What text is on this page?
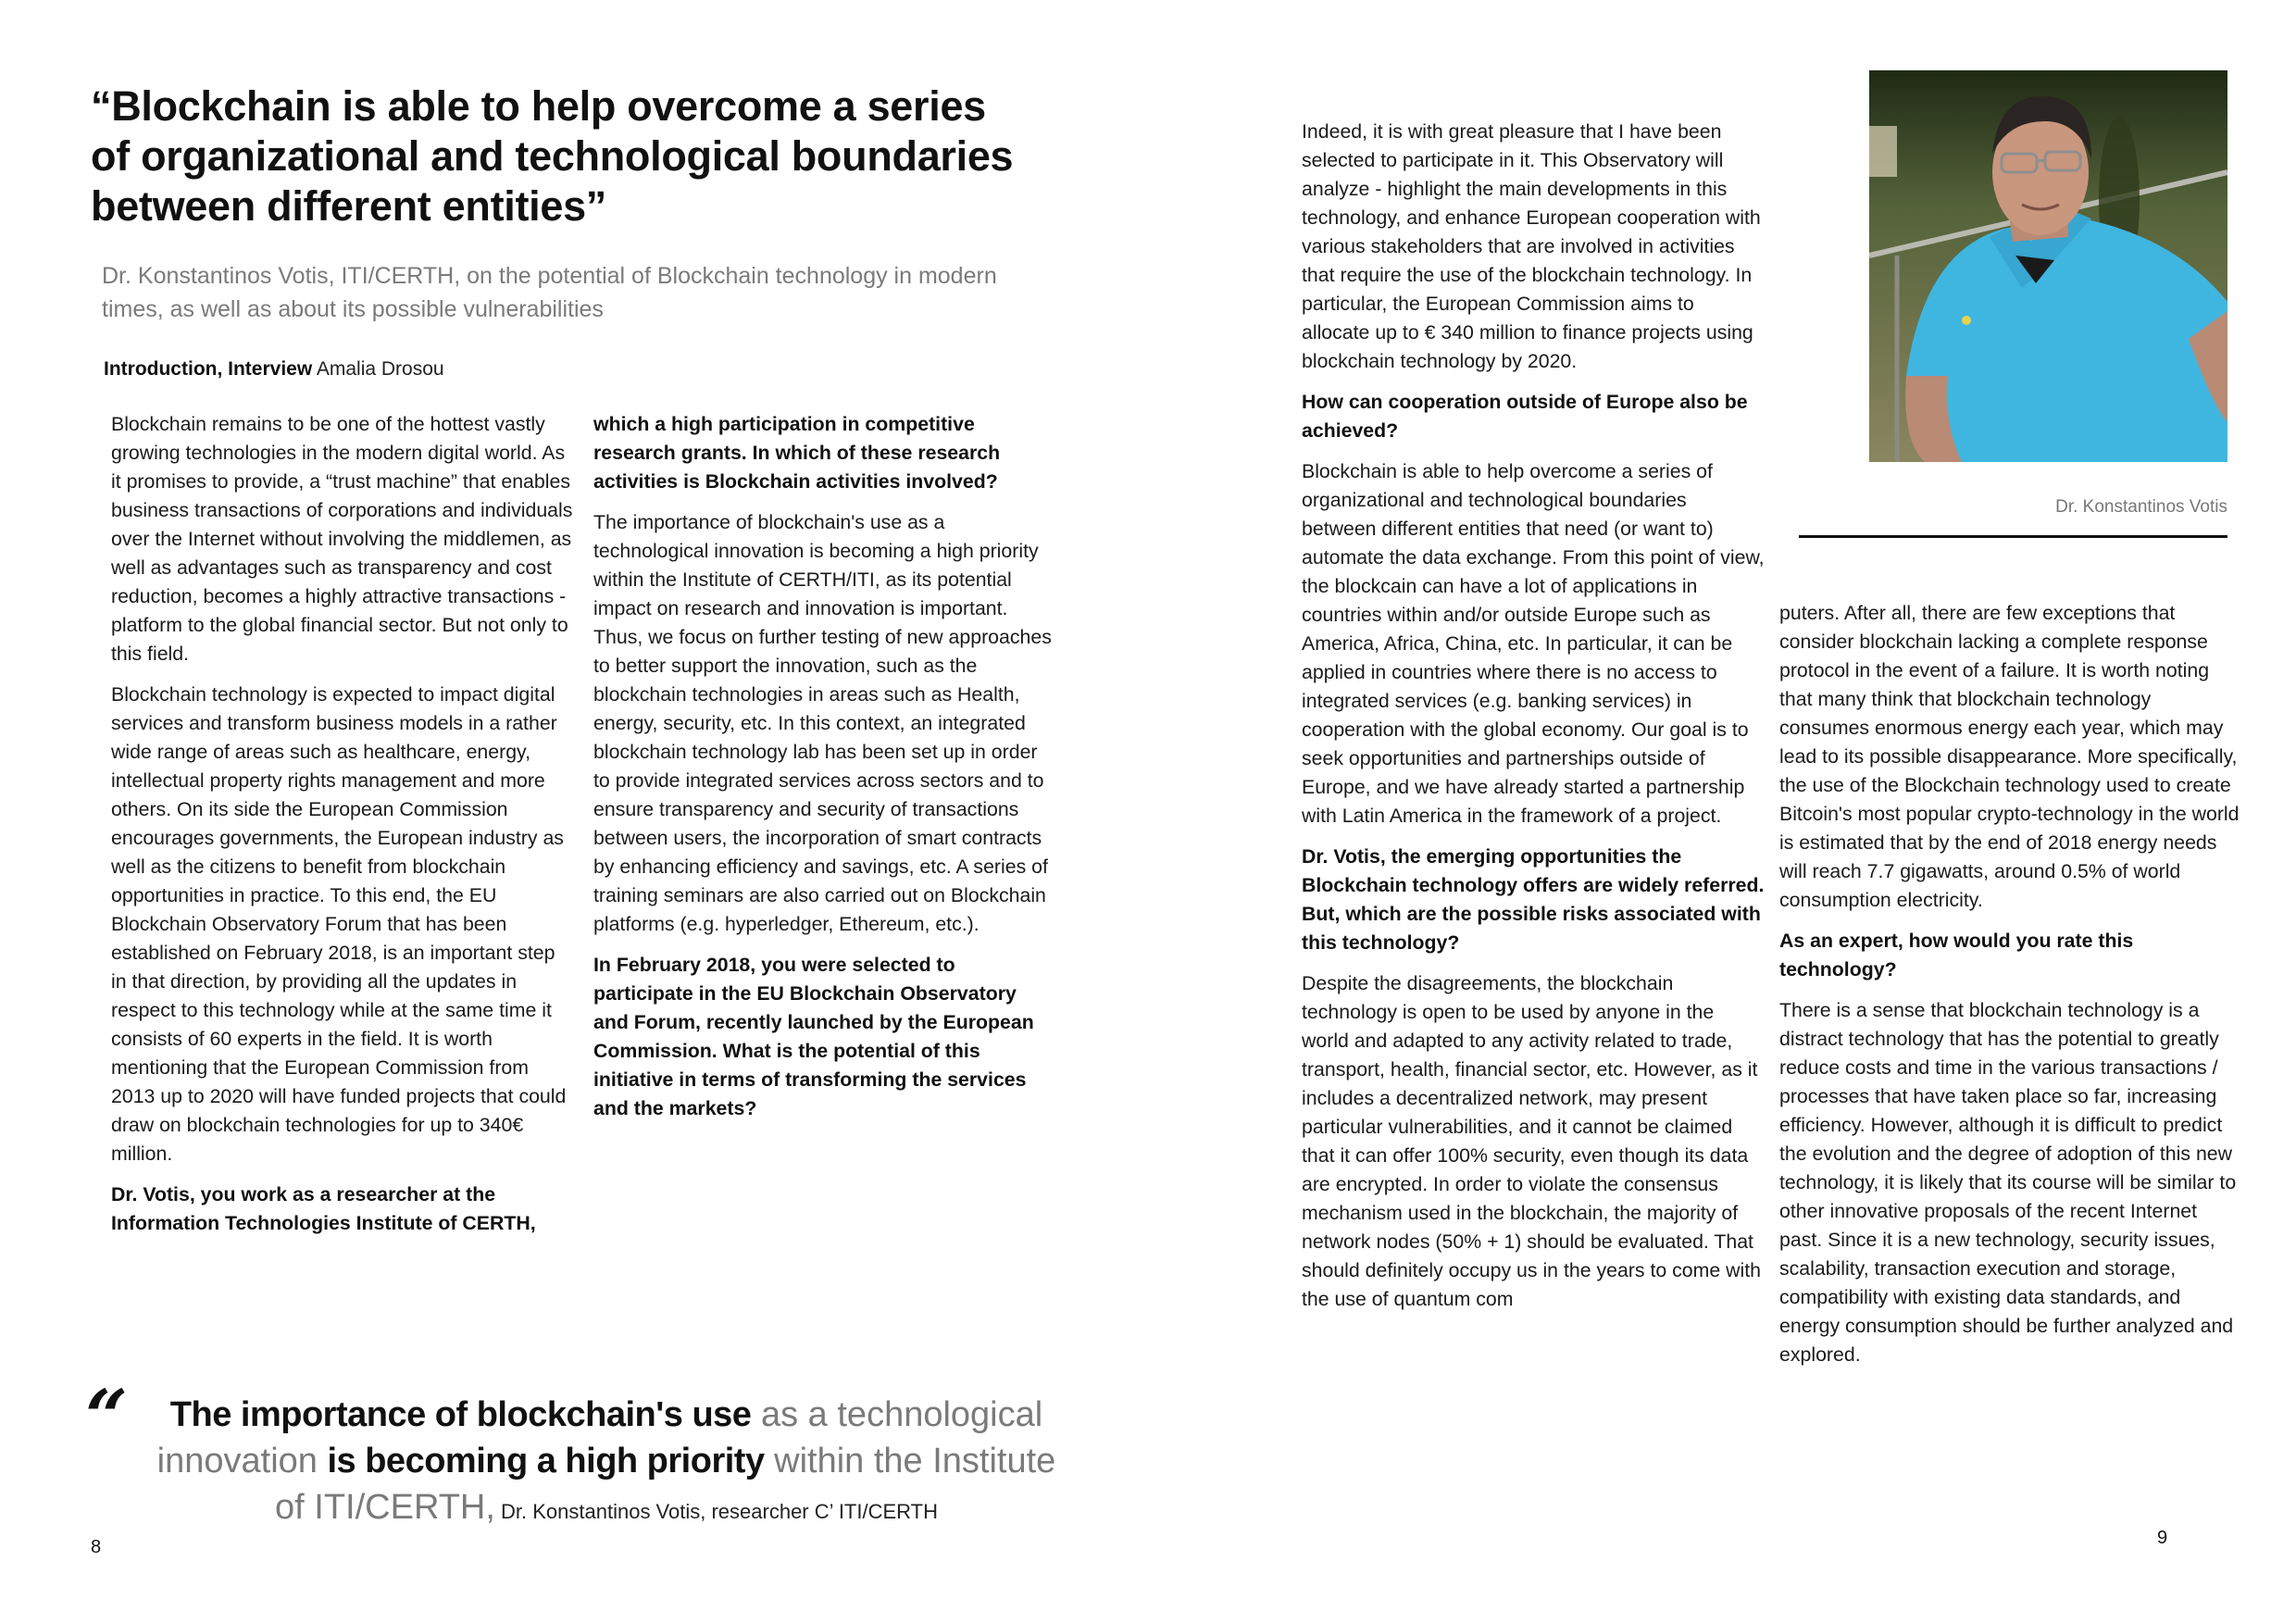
“Blockchain is able to help overcome a series
of organizational and technological boundaries
between different entities”

Dr. Konstantinos Votis, ITI/CERTH, on the potential of Blockchain technology in modern times, as well as about its possible vulnerabilities

Introduction, Interview Amalia Drosou

Blockchain remains to be one of the hottest vastly growing technologies in the modern digital world. As it promises to provide, a “trust machine” that enables business transactions of corporations and individuals over the Internet without involving the middlemen, as well as advantages such as transparency and cost reduction, becomes a highly attractive transactions - platform to the global financial sector. But not only to this field.

Blockchain technology is expected to impact digital services and transform business models in a rather wide range of areas such as healthcare, energy, intellectual property rights management and more others. On its side the European Commission encourages governments, the European industry as well as the citizens to benefit from blockchain opportunities in practice. To this end, the EU Blockchain Observatory Forum that has been established on February 2018, is an important step in that direction, by providing all the updates in respect to this technology while at the same time it consists of 60 experts in the field. It is worth mentioning that the European Commission from 2013 up to 2020 will have funded projects that could draw on blockchain technologies for up to 340€ million.

Dr. Votis, you work as a researcher at the Information Technologies Institute of CERTH,

which a high participation in competitive research grants. In which of these research activities is Blockchain activities involved?

The importance of blockchain's use as a technological innovation is becoming a high priority within the Institute of CERTH/ITI, as its potential impact on research and innovation is important. Thus, we focus on further testing of new approaches to better support the innovation, such as the blockchain technologies in areas such as Health, energy, security, etc. In this context, an integrated blockchain technology lab has been set up in order to provide integrated services across sectors and to ensure transparency and security of transactions between users, the incorporation of smart contracts by enhancing efficiency and savings, etc. A series of training seminars are also carried out on Blockchain platforms (e.g. hyperledger, Ethereum, etc.).

In February 2018, you were selected to participate in the EU Blockchain Observatory and Forum, recently launched by the European Commission. What is the potential of this initiative in terms of transforming the services and the markets?

“	The importance of blockchain's use as a technological innovation is becoming a high priority within the Institute of ITI/CERTH, Dr. Konstantinos Votis, researcher C’ ITI/CERTH
8

Indeed, it is with great pleasure that I have been selected to participate in it. This Observatory will analyze - highlight the main developments in this technology, and enhance European cooperation with various stakeholders that are involved in activities that require the use of the blockchain technology. In particular, the European Commission aims to allocate up to € 340 million to finance projects using blockchain technology by 2020.

How can cooperation outside of Europe also be achieved?

Blockchain is able to help overcome a series of organizational and technological boundaries between different entities that need (or want to) automate the data exchange. From this point of view, the blockcain can have a lot of applications in countries within and/or outside Europe such as America, Africa, China, etc. In particular, it can be applied in countries where there is no access to integrated services (e.g. banking services) in cooperation with the global economy. Our goal is to seek opportunities and partnerships outside of Europe, and we have already started a partnership with Latin America in the framework of a project.

Dr. Votis, the emerging opportunities the Blockchain technology offers are widely referred. But, which are the possible risks associated with this technology?

Despite the disagreements, the blockchain technology is open to be used by anyone in the world and adapted to any activity related to trade, transport, health, financial sector, etc. However, as it includes a decentralized network, may present particular vulnerabilities, and it cannot be claimed that it can offer 100% security, even though its data are encrypted. In order to violate the consensus mechanism used in the blockchain, the majority of network nodes (50% + 1) should be evaluated. That should definitely occupy us in the years to come with the use of quantum com

Dr. Konstantinos Votis

puters. After all, there are few exceptions that consider blockchain lacking a complete response protocol in the event of a failure. It is worth noting that many think that blockchain technology consumes enormous energy each year, which may lead to its possible disappearance. More specifically, the use of the Blockchain technology used to create Bitcoin's most popular crypto-technology in the world is estimated that by the end of 2018 energy needs will reach 7.7 gigawatts, around 0.5% of world consumption electricity.

As an expert, how would you rate this technology?

There is a sense that blockchain technology is a distract technology that has the potential to greatly reduce costs and time in the various transactions / processes that have taken place so far, increasing efficiency. However, although it is difficult to predict the evolution and the degree of adoption of this new technology, it is likely that its course will be similar to other innovative proposals of the recent Internet past. Since it is a new technology, security issues, scalability, transaction execution and storage, compatibility with existing data standards, and energy consumption should be further analyzed and explored.

9
